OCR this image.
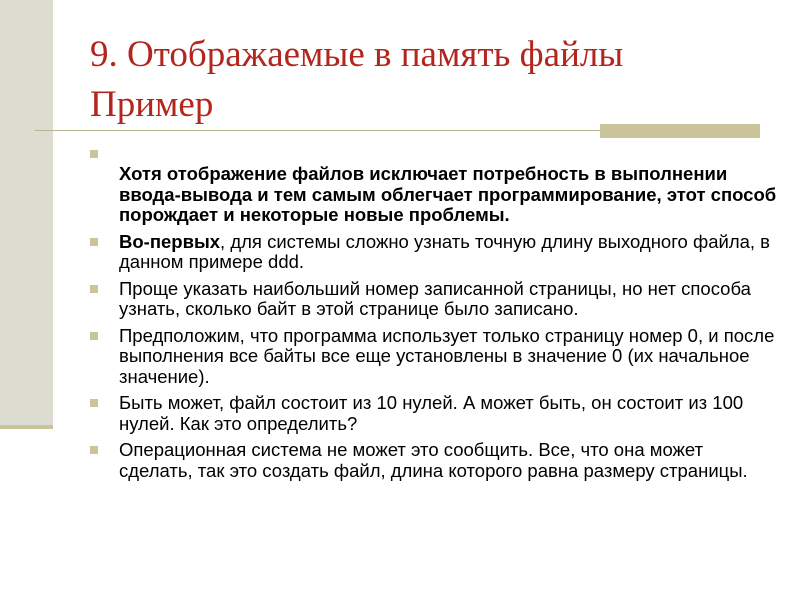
9. Отображаемые в память файлы
Пример
Хотя отображение файлов исключает потребность в выполнении ввода-вывода и тем самым облегчает программирование, этот способ порождает и некоторые новые проблемы.
Во-первых, для системы сложно узнать точную длину выходного файла, в данном примере ddd.
Проще указать наибольший номер записанной страницы, но нет способа узнать, сколько байт в этой странице было записано.
Предположим, что программа использует только страницу номер 0, и после выполнения все байты все еще установлены в значение 0 (их начальное значение).
Быть может, файл состоит из 10 нулей. А может быть, он состоит из 100 нулей. Как это определить?
Операционная система не может это сообщить. Все, что она может сделать, так это создать файл, длина которого равна размеру страницы.
